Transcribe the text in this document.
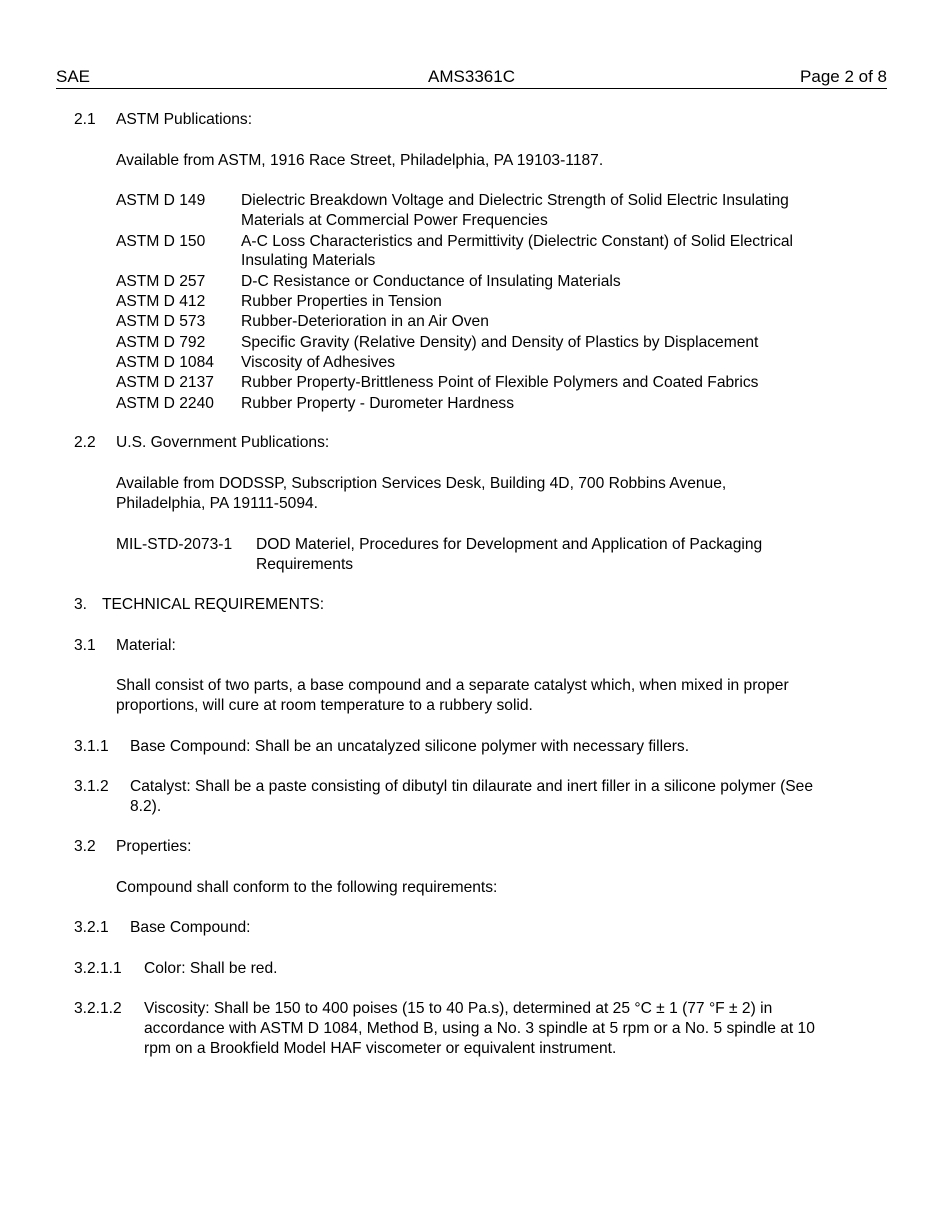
SAE	AMS3361C	Page 2 of 8
2.1 ASTM Publications:
Available from ASTM, 1916 Race Street, Philadelphia, PA 19103-1187.
ASTM D 149 Dielectric Breakdown Voltage and Dielectric Strength of Solid Electric Insulating
Materials at Commercial Power Frequencies
ASTM D 150 A-C Loss Characteristics and Permittivity (Dielectric Constant) of Solid Electrical
Insulating Materials
ASTM D 257 D-C Resistance or Conductance of Insulating Materials
ASTM D 412 Rubber Properties in Tension
ASTM D 573 Rubber-Deterioration in an Air Oven
ASTM D 792 Specific Gravity (Relative Density) and Density of Plastics by Displacement
ASTM D 1084 Viscosity of Adhesives
ASTM D 2137 Rubber Property-Brittleness Point of Flexible Polymers and Coated Fabrics
ASTM D 2240 Rubber Property - Durometer Hardness
2.2 U.S. Government Publications:
Available from DODSSP, Subscription Services Desk, Building 4D, 700 Robbins Avenue,
Philadelphia, PA 19111-5094.
MIL-STD-2073-1 DOD Materiel, Procedures for Development and Application of Packaging
Requirements
3. TECHNICAL REQUIREMENTS:
3.1 Material:
Shall consist of two parts, a base compound and a separate catalyst which, when mixed in proper
proportions, will cure at room temperature to a rubbery solid.
3.1.1 Base Compound: Shall be an uncatalyzed silicone polymer with necessary fillers.
3.1.2 Catalyst: Shall be a paste consisting of dibutyl tin dilaurate and inert filler in a silicone polymer (See
8.2).
3.2 Properties:
Compound shall conform to the following requirements:
3.2.1 Base Compound:
3.2.1.1 Color: Shall be red.
3.2.1.2 Viscosity: Shall be 150 to 400 poises (15 to 40 Pa.s), determined at 25 °C ± 1 (77 °F ± 2) in
accordance with ASTM D 1084, Method B, using a No. 3 spindle at 5 rpm or a No. 5 spindle at 10
rpm on a Brookfield Model HAF viscometer or equivalent instrument.
